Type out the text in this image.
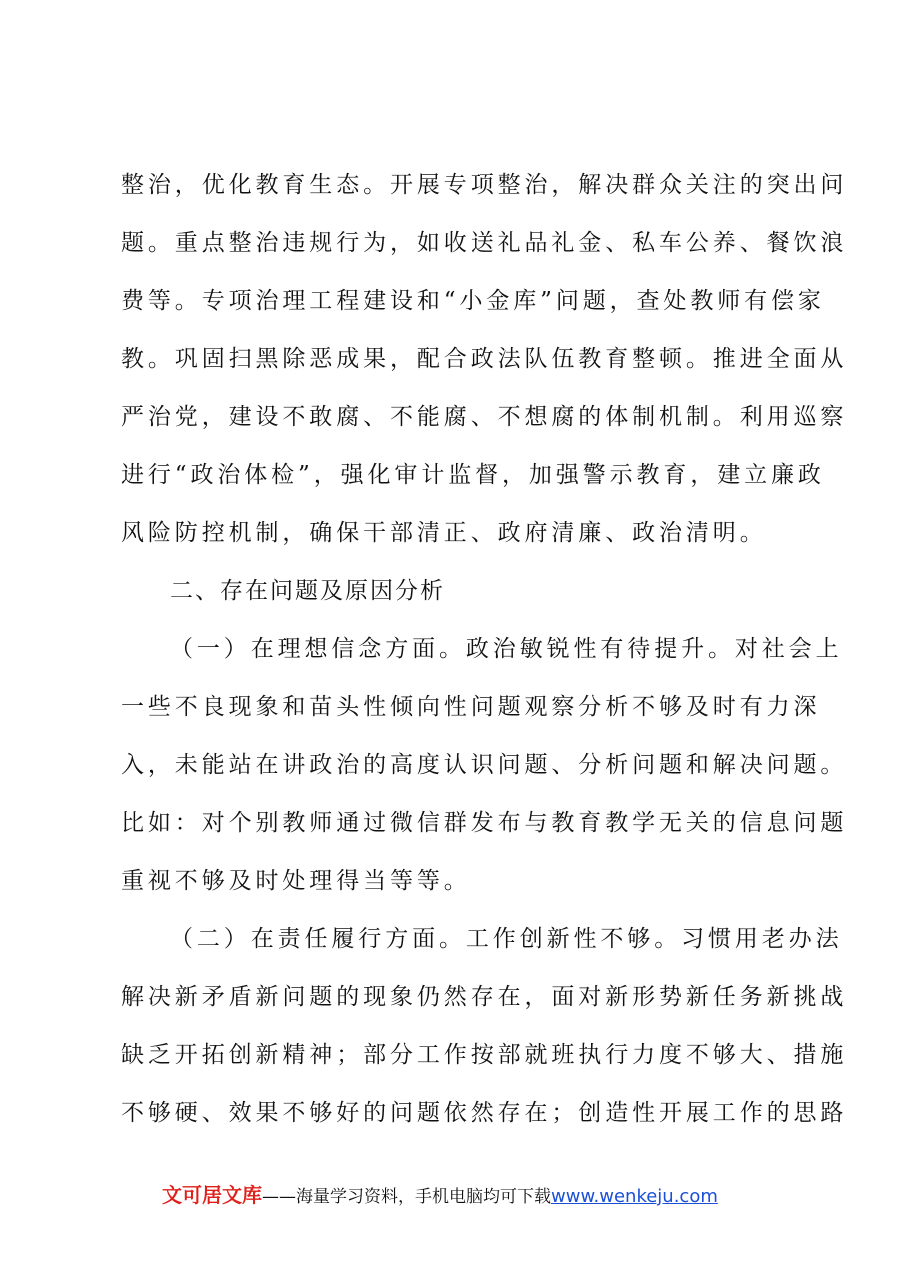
整治，优化教育生态。开展专项整治，解决群众关注的突出问
题。重点整治违规行为，如收送礼品礼金、私车公养、餐饮浪
费等。专项治理工程建设和“小金库”问题，查处教师有偿家
教。巩固扫黑除恶成果，配合政法队伍教育整顿。推进全面从
严治党，建设不敢腐、不能腐、不想腐的体制机制。利用巡察
进行“政治体检”，强化审计监督，加强警示教育，建立廉政
风险防控机制，确保干部清正、政府清廉、政治清明。
二、存在问题及原因分析
（一）在理想信念方面。政治敏锐性有待提升。对社会上
一些不良现象和苗头性倾向性问题观察分析不够及时有力深
入，未能站在讲政治的高度认识问题、分析问题和解决问题。
比如：对个别教师通过微信群发布与教育教学无关的信息问题
重视不够及时处理得当等等。
（二）在责任履行方面。工作创新性不够。习惯用老办法
解决新矛盾新问题的现象仍然存在，面对新形势新任务新挑战
缺乏开拓创新精神；部分工作按部就班执行力度不够大、措施
不够硬、效果不够好的问题依然存在；创造性开展工作的思路
文可居文库——海量学习资料，手机电脑均可下载www.wenkeju.com
